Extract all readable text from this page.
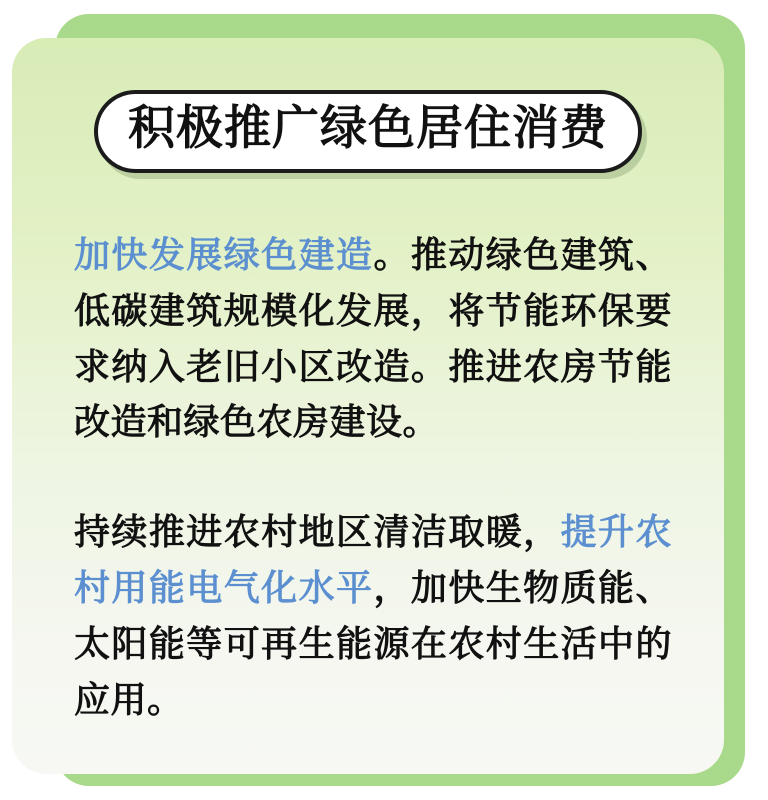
积极推广绿色居住消费

加快发展绿色建造。推动绿色建筑、低碳建筑规模化发展，将节能环保要求纳入老旧小区改造。推进农房节能改造和绿色农房建设。

持续推进农村地区清洁取暖，提升农村用能电气化水平，加快生物质能、太阳能等可再生能源在农村生活中的应用。
